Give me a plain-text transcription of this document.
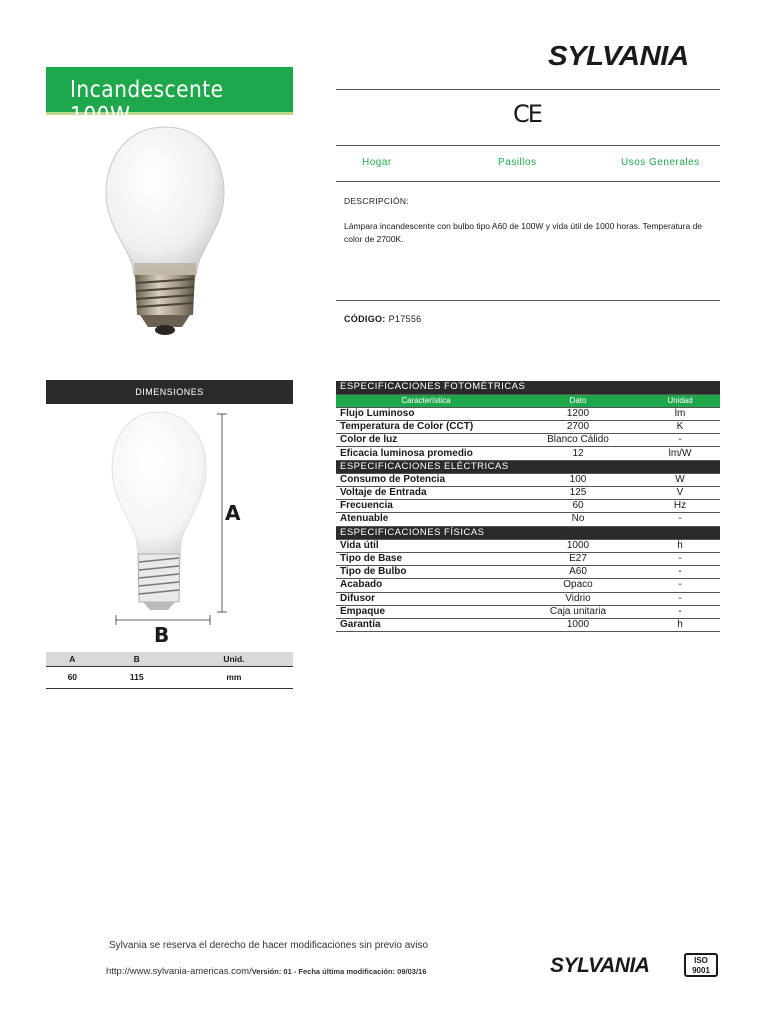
SYLVANIA
Incandescente 100W	CE
Hogar	Pasillos	Usos Generales
DESCRIPCIÓN:
Lámpara incandescente con bulbo tipo A60 de 100W y vida útil de 1000 horas. Temperatura de color de 2700K.
CÓDIGO: P17556
DIMENSIONES
A
B
A	B	Unid.
60	115	mm
ESPECIFICACIONES FOTOMÉTRICAS		
Característica	Dato	Unidad
Flujo Luminoso	1200	lm
Temperatura de Color (CCT)	2700	K
Color de luz	Blanco Cálido	-
Eficacia luminosa promedio	12	lm/W
ESPECIFICACIONES ELÉCTRICAS		
Consumo de Potencia	100	W
Voltaje de Entrada	125	V
Frecuencia	60	Hz
Atenuable	No	-
ESPECIFICACIONES FÍSICAS		
Vida útil	1000	h
Tipo de Base	E27	-
Tipo de Bulbo	A60	-
Acabado	Opaco	-
Difusor	Vidrio	-
Empaque	Caja unitaria	-
Garantía	1000	h
Sylvania se reserva el derecho de hacer modificaciones sin previo aviso
http://www.sylvania-americas.com/Versión: 01 - Fecha última modificación: 09/03/16	SYLVANIA	ISO
9001
